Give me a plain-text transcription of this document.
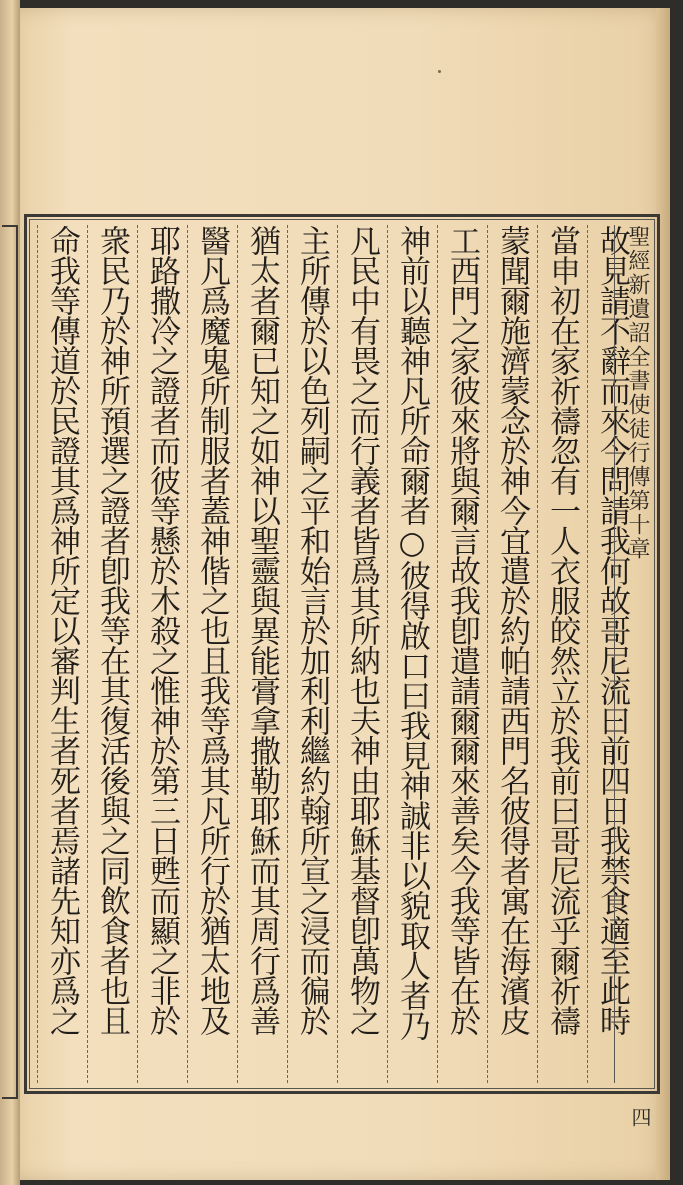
故見請不辭而來今問請我何故哥尼流曰前四日我禁食適至此時
當申初在家祈禱忽有一人衣服皎然立於我前曰哥尼流乎爾祈禱
蒙聞爾施濟蒙念於神今宜遣於約帕請西門名彼得者寓在海濱皮
工西門之家彼來將與爾言故我卽遣請爾爾來善矣今我等皆在於
神前以聽神凡所命爾者○彼得啟口曰我見神誠非以貌取人者乃
凡民中有畏之而行義者皆爲其所納也夫神由耶穌基督卽萬物之
主所傳於以色列嗣之平和始言於加利利繼約翰所宣之浸而徧於
猶太者爾已知之如神以聖靈與異能膏拿撒勒耶穌而其周行爲善
醫凡爲魔鬼所制服者蓋神偕之也且我等爲其凡所行於猶太地及
耶路撒冷之證者而彼等懸於木殺之惟神於第三日甦而顯之非於
衆民乃於神所預選之證者卽我等在其復活後與之同飲食者也且
命我等傳道於民證其爲神所定以審判生者死者焉諸先知亦爲之	聖經新遺詔全書使徒行傳第十章
四
